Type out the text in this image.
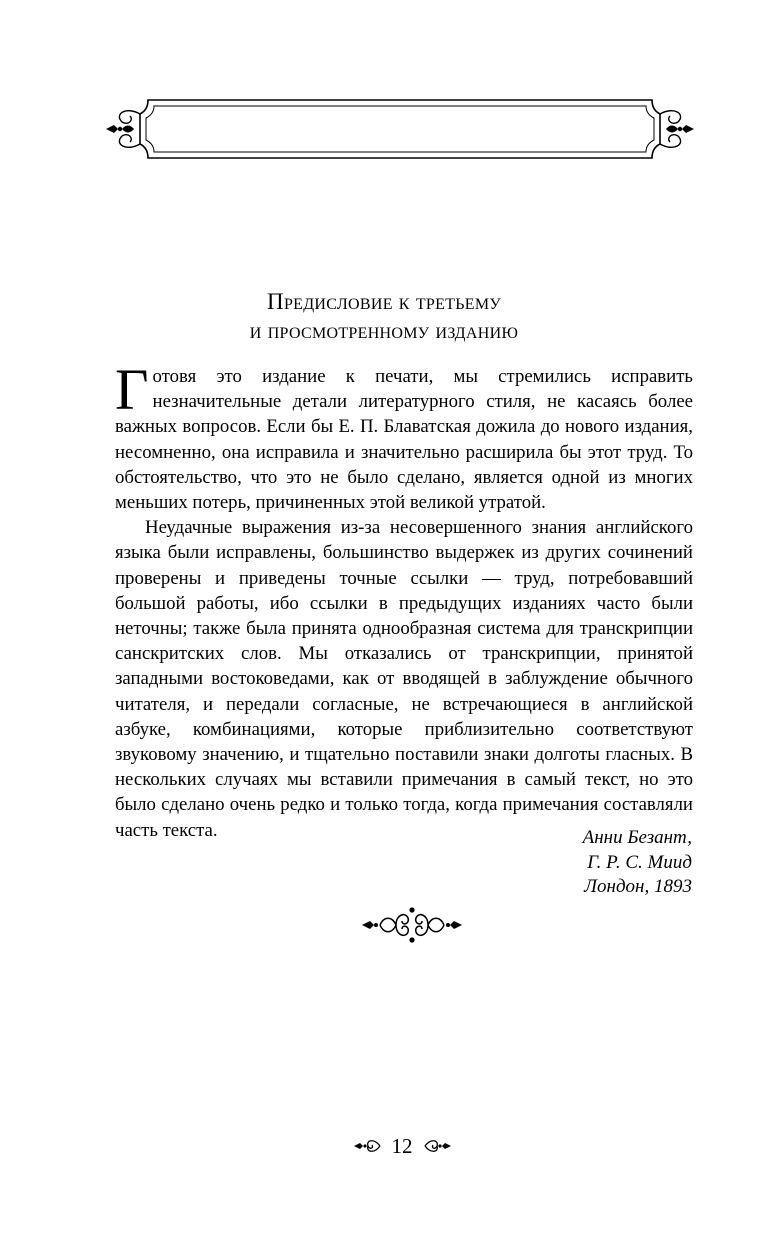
Предисловие к третьему
и просмотренному изданию

Готовя это издание к печати, мы стремились исправить незначительные детали литературного стиля, не касаясь более важных вопросов. Если бы Е. П. Блаватская дожила до нового издания, несомненно, она исправила и значительно расширила бы этот труд. То обстоятельство, что это не было сделано, является одной из многих меньших потерь, причиненных этой великой утратой.

Неудачные выражения из-за несовершенного знания английского языка были исправлены, большинство выдержек из других сочинений проверены и приведены точные ссылки — труд, потребовавший большой работы, ибо ссылки в предыдущих изданиях часто были неточны; также была принята однообразная система для транскрипции санскритских слов. Мы отказались от транскрипции, принятой западными востоковедами, как от вводящей в заблуждение обычного читателя, и передали согласные, не встречающиеся в английской азбуке, комбинациями, которые приблизительно соответствуют звуковому значению, и тщательно поставили знаки долготы гласных. В нескольких случаях мы вставили примечания в самый текст, но это было сделано очень редко и только тогда, когда примечания составляли часть текста.	Анни Безант,
Г. Р. С. Миид
Лондон, 1893
12
